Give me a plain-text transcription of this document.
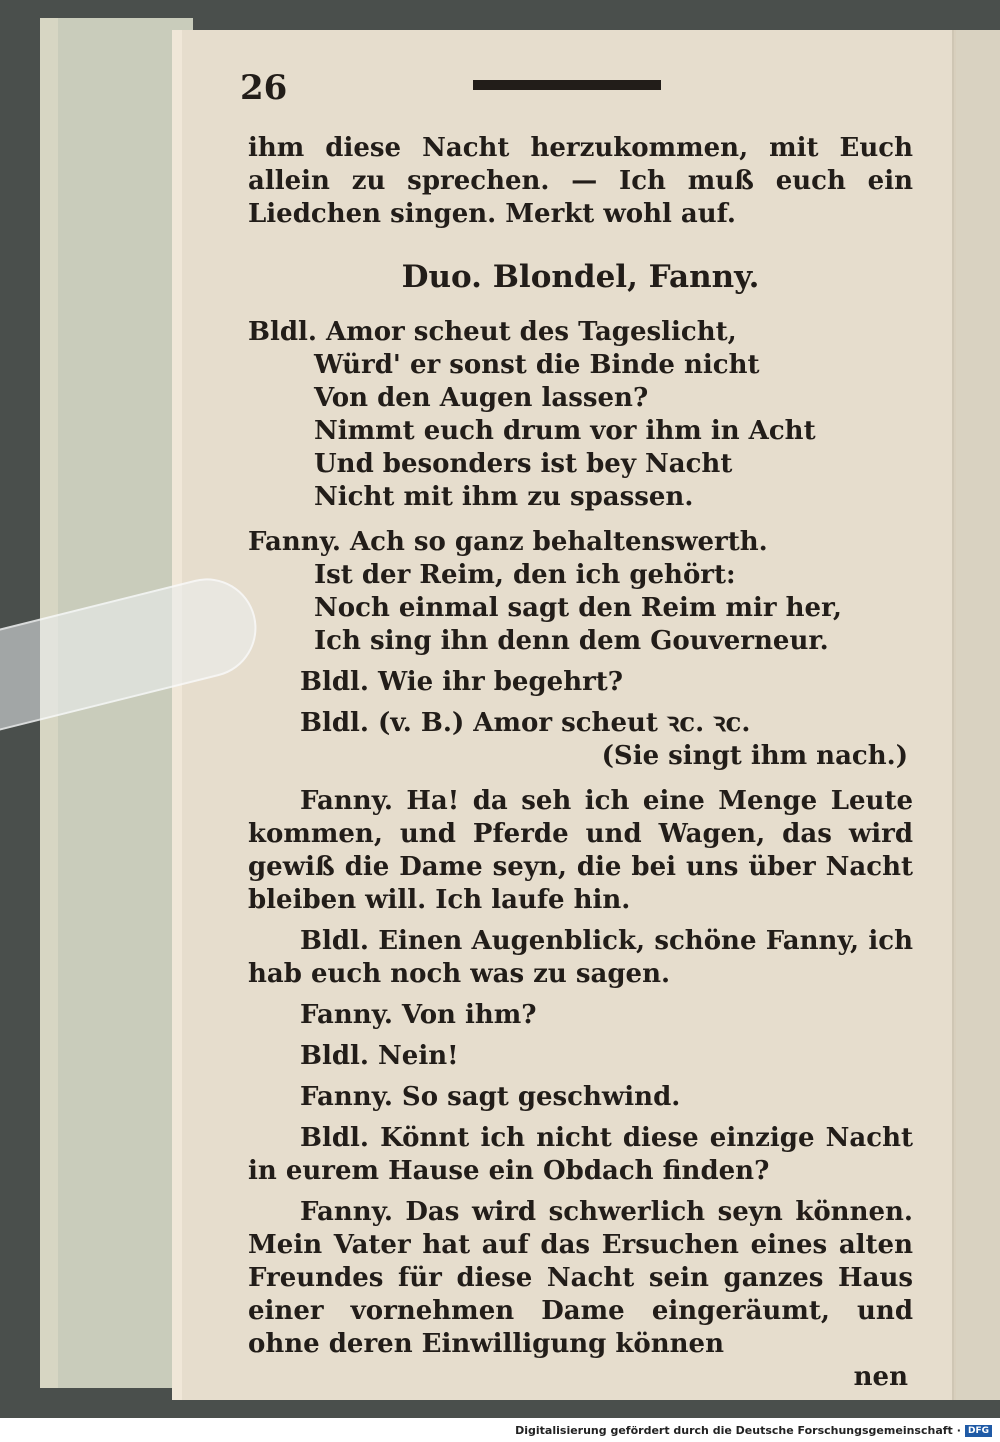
26

ihm diese Nacht herzukommen, mit Euch allein zu sprechen. — Ich muß euch ein Liedchen singen. Merkt wohl auf.

Duo. Blondel, Fanny.

Bldl. Amor scheut des Tageslicht,

Würd' er sonst die Binde nicht

Von den Augen lassen?

Nimmt euch drum vor ihm in Acht

Und besonders ist bey Nacht

Nicht mit ihm zu spassen.

Fanny. Ach so ganz behaltenswerth.

Ist der Reim, den ich gehört:

Noch einmal sagt den Reim mir her,

Ich sing ihn denn dem Gouverneur.

Bldl. Wie ihr begehrt?

Bldl. (v. B.) Amor scheut ꝛc. ꝛc.

(Sie singt ihm nach.)

Fanny. Ha! da seh ich eine Menge Leute kommen, und Pferde und Wagen, das wird gewiß die Dame seyn, die bei uns über Nacht bleiben will. Ich laufe hin.

Bldl. Einen Augenblick, schöne Fanny, ich hab euch noch was zu sagen.

Fanny. Von ihm?

Bldl. Nein!

Fanny. So sagt geschwind.

Bldl. Könnt ich nicht diese einzige Nacht in eurem Hause ein Obdach finden?

Fanny. Das wird schwerlich seyn können. Mein Vater hat auf das Ersuchen eines alten Freundes für diese Nacht sein ganzes Haus einer vornehmen Dame eingeräumt, und ohne deren Einwilligung können

nen

Digitalisierung gefördert durch die Deutsche Forschungsgemeinschaft · DFG
